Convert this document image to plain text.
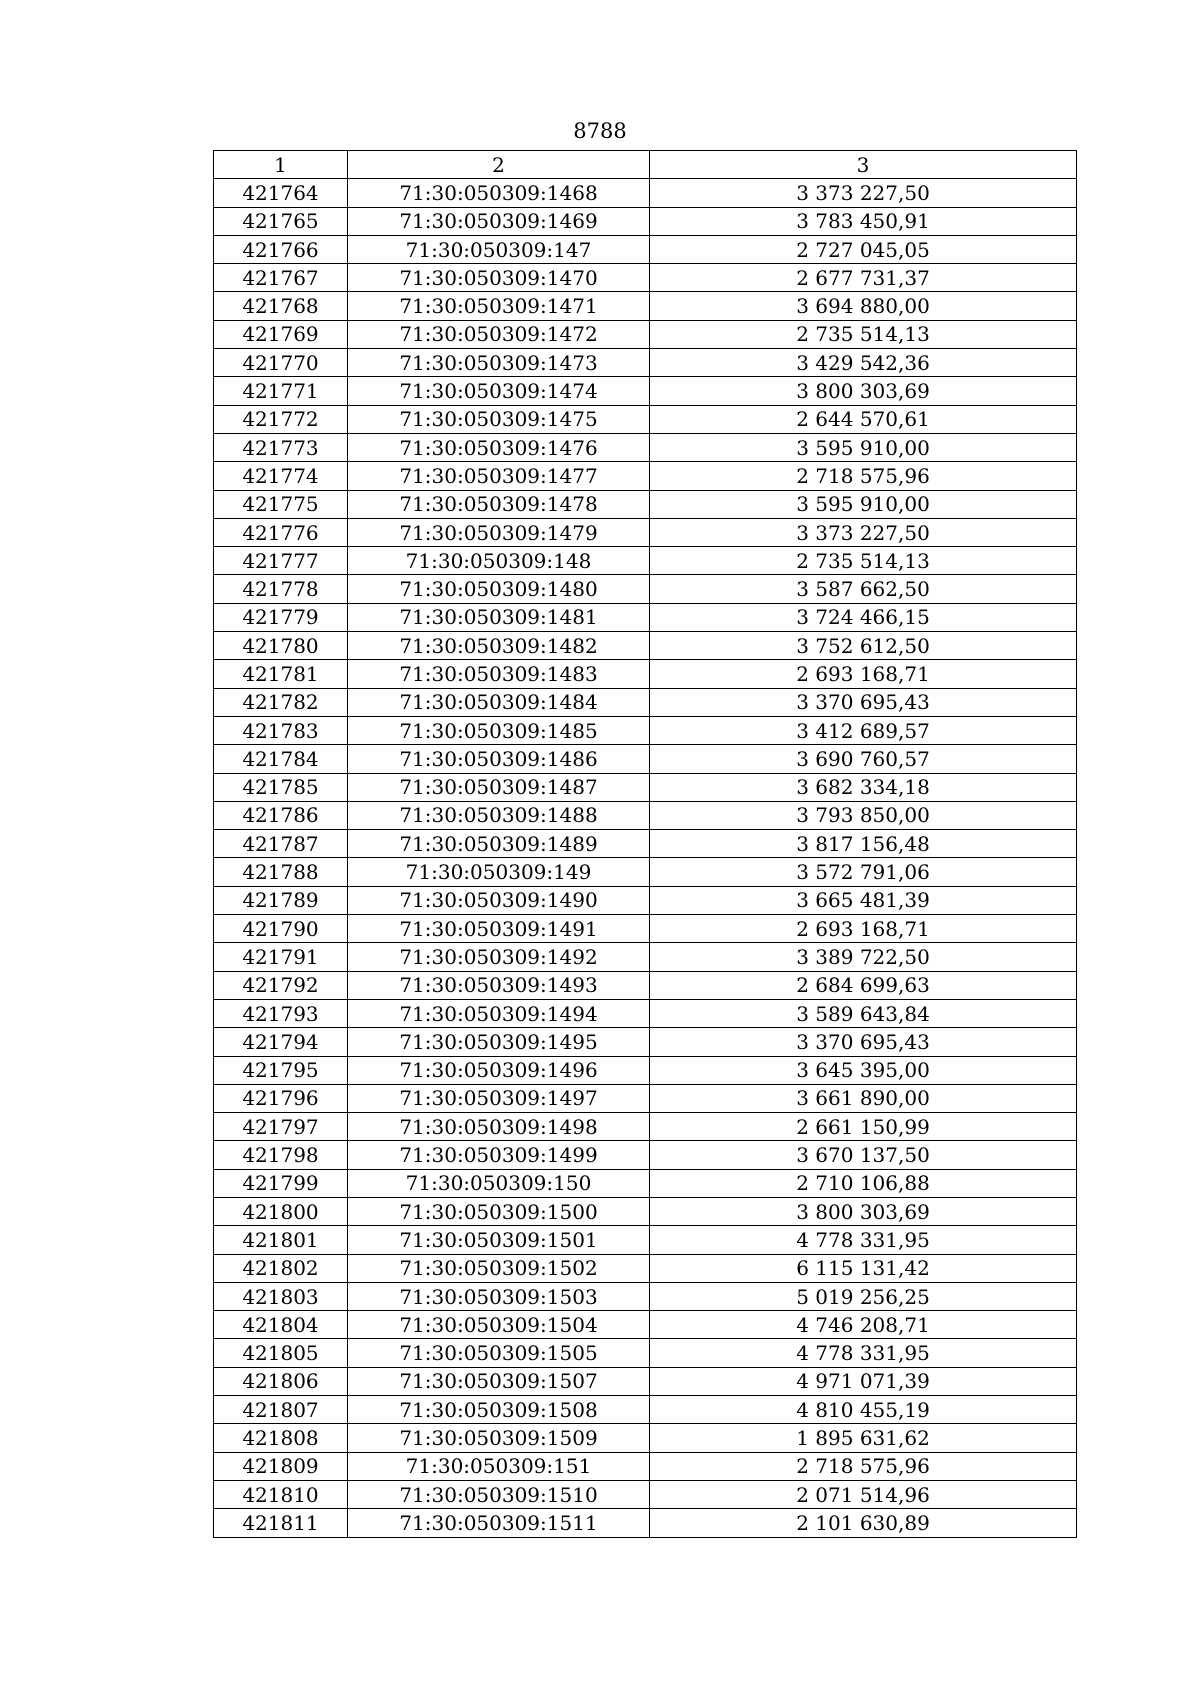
8788
1	2	3
421764	71:30:050309:1468	3 373 227,50
421765	71:30:050309:1469	3 783 450,91
421766	71:30:050309:147	2 727 045,05
421767	71:30:050309:1470	2 677 731,37
421768	71:30:050309:1471	3 694 880,00
421769	71:30:050309:1472	2 735 514,13
421770	71:30:050309:1473	3 429 542,36
421771	71:30:050309:1474	3 800 303,69
421772	71:30:050309:1475	2 644 570,61
421773	71:30:050309:1476	3 595 910,00
421774	71:30:050309:1477	2 718 575,96
421775	71:30:050309:1478	3 595 910,00
421776	71:30:050309:1479	3 373 227,50
421777	71:30:050309:148	2 735 514,13
421778	71:30:050309:1480	3 587 662,50
421779	71:30:050309:1481	3 724 466,15
421780	71:30:050309:1482	3 752 612,50
421781	71:30:050309:1483	2 693 168,71
421782	71:30:050309:1484	3 370 695,43
421783	71:30:050309:1485	3 412 689,57
421784	71:30:050309:1486	3 690 760,57
421785	71:30:050309:1487	3 682 334,18
421786	71:30:050309:1488	3 793 850,00
421787	71:30:050309:1489	3 817 156,48
421788	71:30:050309:149	3 572 791,06
421789	71:30:050309:1490	3 665 481,39
421790	71:30:050309:1491	2 693 168,71
421791	71:30:050309:1492	3 389 722,50
421792	71:30:050309:1493	2 684 699,63
421793	71:30:050309:1494	3 589 643,84
421794	71:30:050309:1495	3 370 695,43
421795	71:30:050309:1496	3 645 395,00
421796	71:30:050309:1497	3 661 890,00
421797	71:30:050309:1498	2 661 150,99
421798	71:30:050309:1499	3 670 137,50
421799	71:30:050309:150	2 710 106,88
421800	71:30:050309:1500	3 800 303,69
421801	71:30:050309:1501	4 778 331,95
421802	71:30:050309:1502	6 115 131,42
421803	71:30:050309:1503	5 019 256,25
421804	71:30:050309:1504	4 746 208,71
421805	71:30:050309:1505	4 778 331,95
421806	71:30:050309:1507	4 971 071,39
421807	71:30:050309:1508	4 810 455,19
421808	71:30:050309:1509	1 895 631,62
421809	71:30:050309:151	2 718 575,96
421810	71:30:050309:1510	2 071 514,96
421811	71:30:050309:1511	2 101 630,89
